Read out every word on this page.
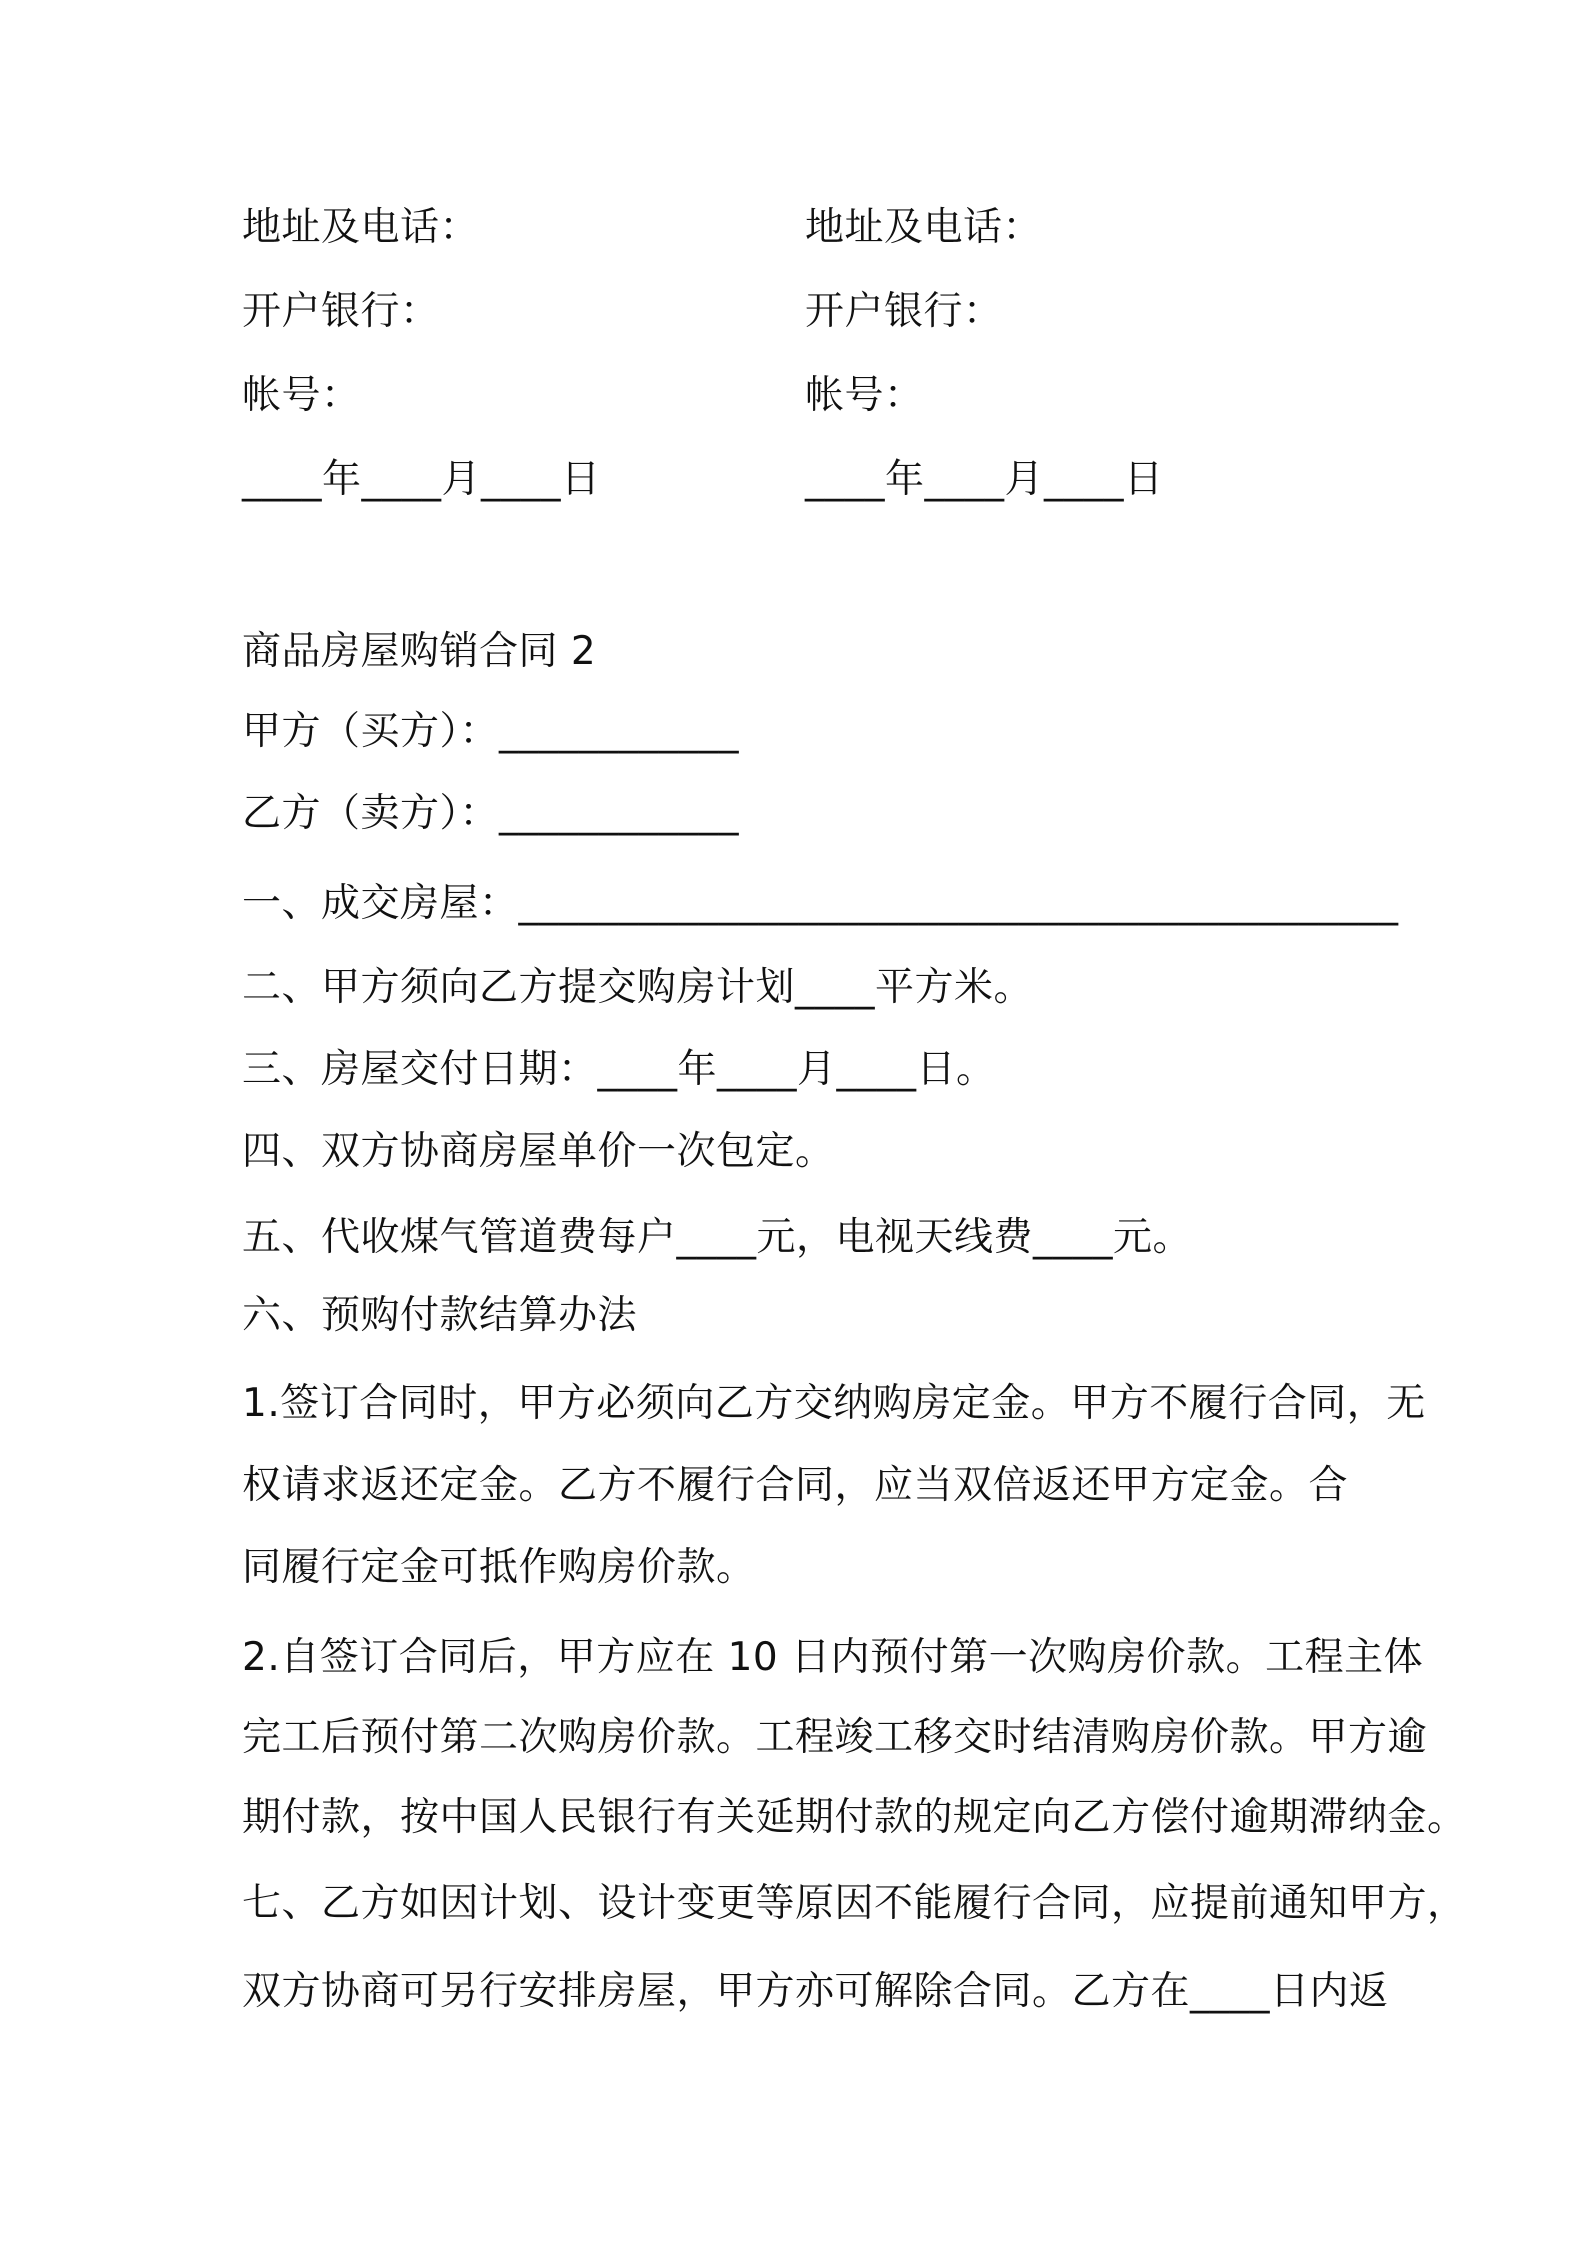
地址及电话：
开户银行：
帐号：
____年____月____日
地址及电话：
开户银行：
帐号：
____年____月____日
商品房屋购销合同 2
甲方（买方）：____________
乙方（卖方）：____________
一、成交房屋：____________________________________________
二、甲方须向乙方提交购房计划____平方米。
三、房屋交付日期：____年____月____日。
四、双方协商房屋单价一次包定。
五、代收煤气管道费每户____元，电视天线费____元。
六、预购付款结算办法
1.签订合同时，甲方必须向乙方交纳购房定金。甲方不履行合同，无
权请求返还定金。乙方不履行合同，应当双倍返还甲方定金。合
同履行定金可抵作购房价款。
2.自签订合同后，甲方应在 10 日内预付第一次购房价款。工程主体
完工后预付第二次购房价款。工程竣工移交时结清购房价款。甲方逾
期付款，按中国人民银行有关延期付款的规定向乙方偿付逾期滞纳金。
七、乙方如因计划、设计变更等原因不能履行合同，应提前通知甲方，
双方协商可另行安排房屋，甲方亦可解除合同。乙方在____日内返
